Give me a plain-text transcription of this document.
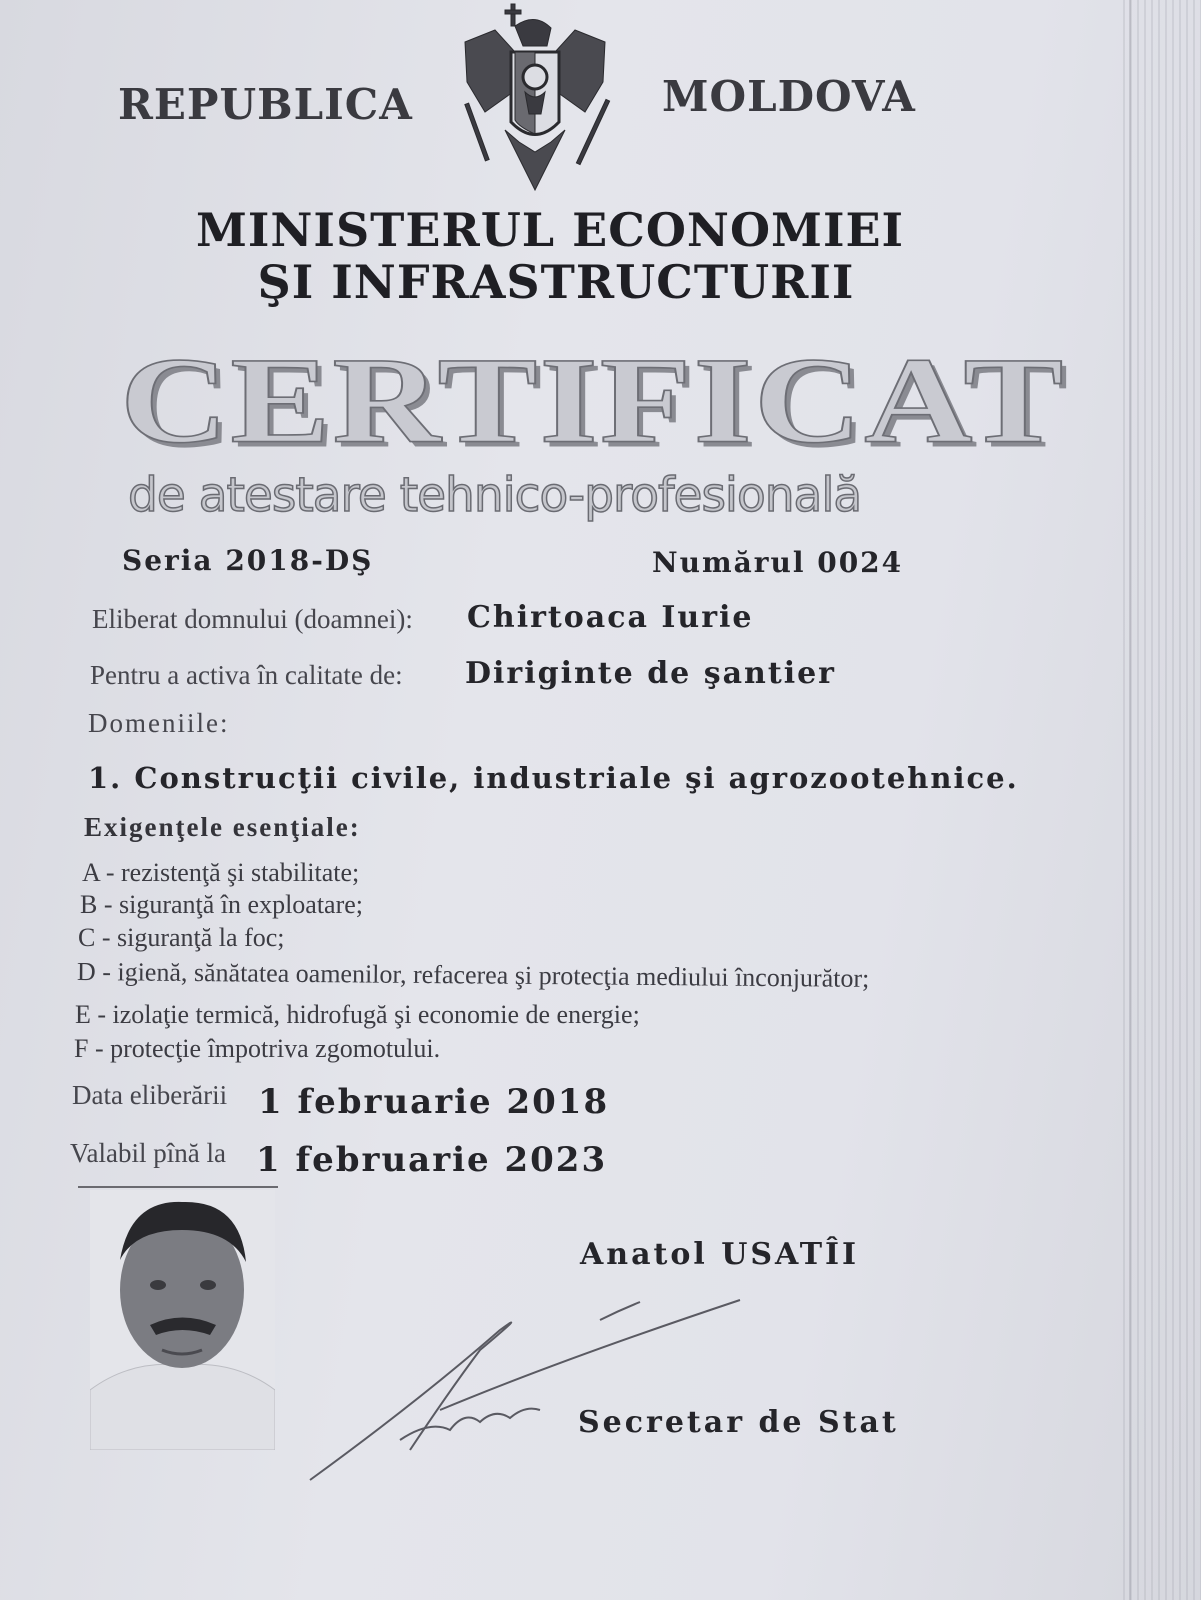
REPUBLICA	MOLDOVA
MINISTERUL ECONOMIEI
ŞI INFRASTRUCTURII
CERTIFICAT
de atestare tehnico-profesională
Seria 2018-DŞ	Numărul 0024
Eliberat domnului (doamnei): Chirtoaca Iurie
Pentru a activa în calitate de: Diriginte de şantier
Domeniile:
1. Construcţii civile, industriale şi agrozootehnice.
Exigenţele esenţiale:
A - rezistenţă şi stabilitate;
B - siguranţă în exploatare;
C - siguranţă la foc;
D - igienă, sănătatea oamenilor, refacerea şi protecţia mediului înconjurător;
E - izolaţie termică, hidrofugă şi economie de energie;
F - protecţie împotriva zgomotului.
Data eliberării 1 februarie 2018
Valabil pînă la 1 februarie 2023
Anatol USATÎI
Secretar de Stat
